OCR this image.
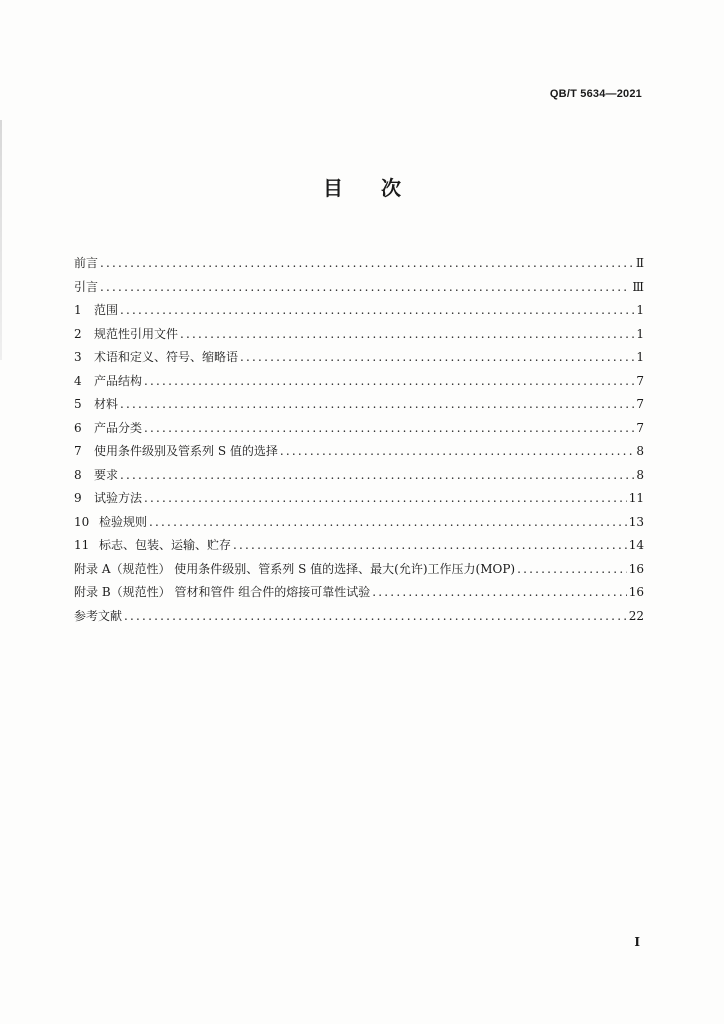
QB/T 5634—2021
目 次
前言 .....	Ⅱ
引言 .....	Ⅲ
1	范围 .....	1
2	规范性引用文件 .....	1
3	术语和定义、符号、缩略语 .....	1
4	产品结构 .....	7
5	材料 .....	7
6	产品分类 .....	7
7	使用条件级别及管系列 S 值的选择 .....	8
8	要求 .....	8
9	试验方法 .....	11
10 检验规则 .....	13
11 标志、包装、运输、贮存 .....	14
附录 A（规范性） 使用条件级别、管系列 S 值的选择、最大(允许)工作压力(MOP) .....	16
附录 B（规范性） 管材和管件 组合件的熔接可靠性试验 .....	16
参考文献 .....	22
I
